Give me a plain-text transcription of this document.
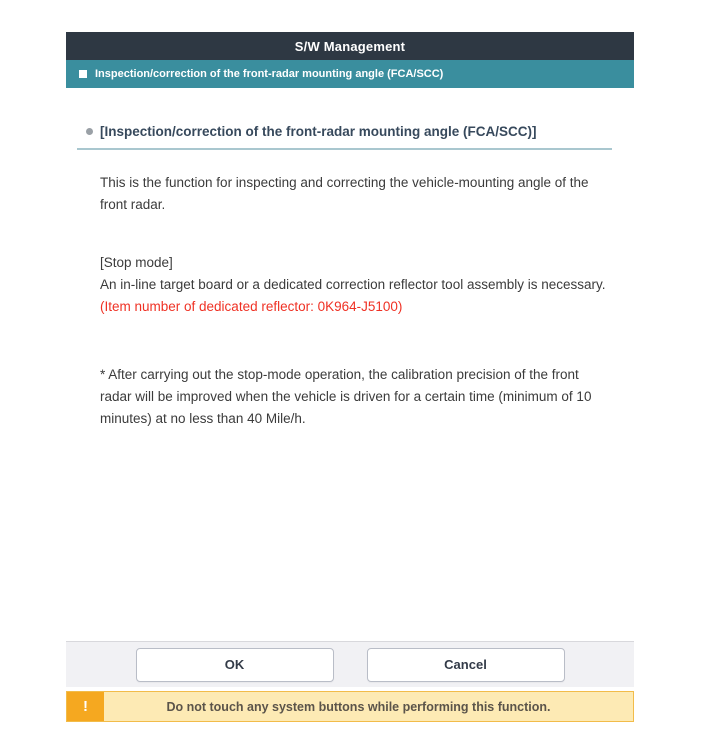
S/W Management
Inspection/correction of the front-radar mounting angle (FCA/SCC)
[Inspection/correction of the front-radar mounting angle (FCA/SCC)]
This is the function for inspecting and correcting the vehicle-mounting angle of the front radar.
[Stop mode]
An in-line target board or a dedicated correction reflector tool assembly is necessary.
(Item number of dedicated reflector: 0K964-J5100)
* After carrying out the stop-mode operation, the calibration precision of the front radar will be improved when the vehicle is driven for a certain time (minimum of 10 minutes) at no less than 40 Mile/h.
OK	Cancel
!	Do not touch any system buttons while performing this function.
